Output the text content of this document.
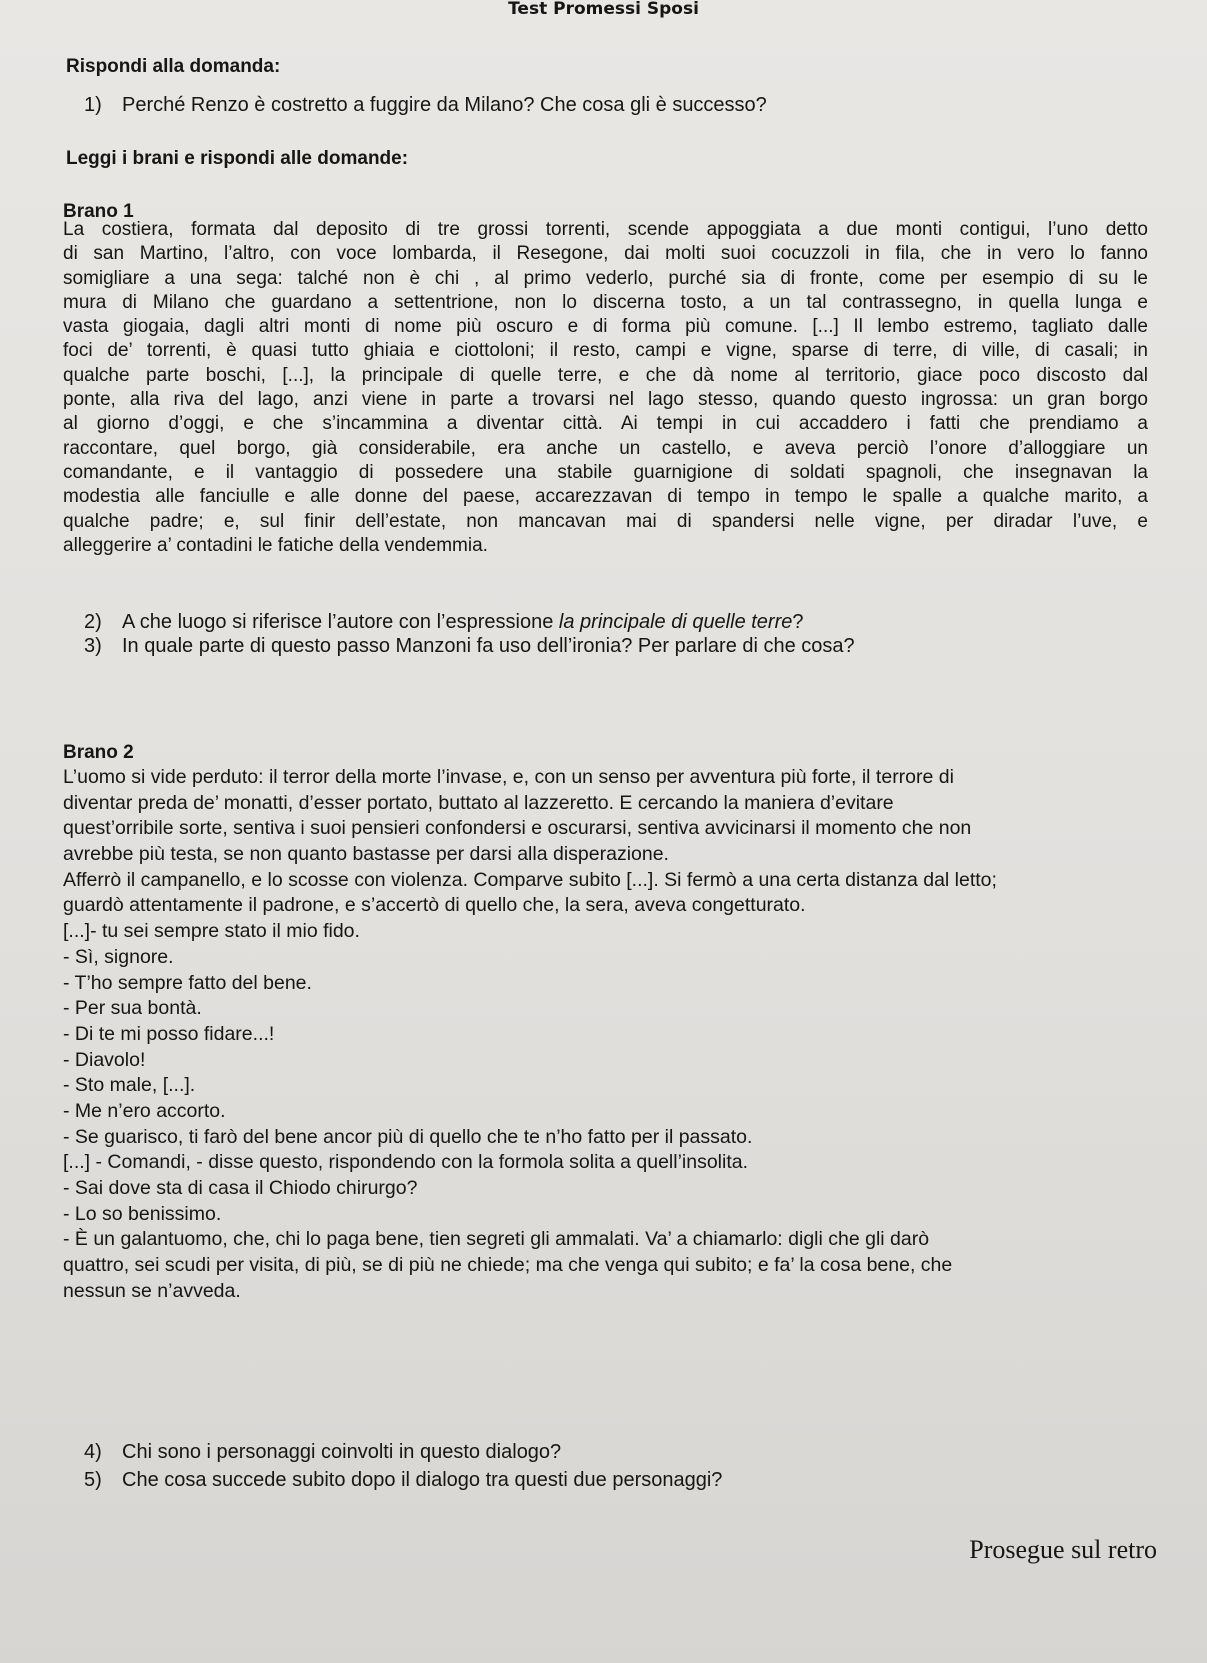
Test Promessi Sposi
Rispondi alla domanda:
1) Perché Renzo è costretto a fuggire da Milano? Che cosa gli è successo?
Leggi i brani e rispondi alle domande:
Brano 1
La costiera, formata dal deposito di tre grossi torrenti, scende appoggiata a due monti contigui, l’uno detto
di san Martino, l’altro, con voce lombarda, il Resegone, dai molti suoi cocuzzoli in fila, che in vero lo fanno
somigliare a una sega: talché non è chi , al primo vederlo, purché sia di fronte, come per esempio di su le
mura di Milano che guardano a settentrione, non lo discerna tosto, a un tal contrassegno, in quella lunga e
vasta giogaia, dagli altri monti di nome più oscuro e di forma più comune. [...] Il lembo estremo, tagliato dalle
foci de’ torrenti, è quasi tutto ghiaia e ciottoloni; il resto, campi e vigne, sparse di terre, di ville, di casali; in
qualche parte boschi, [...], la principale di quelle terre, e che dà nome al territorio, giace poco discosto dal
ponte, alla riva del lago, anzi viene in parte a trovarsi nel lago stesso, quando questo ingrossa: un gran borgo
al giorno d’oggi, e che s’incammina a diventar città. Ai tempi in cui accaddero i fatti che prendiamo a
raccontare, quel borgo, già considerabile, era anche un castello, e aveva perciò l’onore d’alloggiare un
comandante, e il vantaggio di possedere una stabile guarnigione di soldati spagnoli, che insegnavan la
modestia alle fanciulle e alle donne del paese, accarezzavan di tempo in tempo le spalle a qualche marito, a
qualche padre; e, sul finir dell’estate, non mancavan mai di spandersi nelle vigne, per diradar l’uve, e
alleggerire a’ contadini le fatiche della vendemmia.
2) A che luogo si riferisce l’autore con l’espressione la principale di quelle terre?
3) In quale parte di questo passo Manzoni fa uso dell’ironia? Per parlare di che cosa?
Brano 2
L’uomo si vide perduto: il terror della morte l’invase, e, con un senso per avventura più forte, il terrore di
diventar preda de’ monatti, d’esser portato, buttato al lazzeretto. E cercando la maniera d’evitare
quest’orribile sorte, sentiva i suoi pensieri confondersi e oscurarsi, sentiva avvicinarsi il momento che non
avrebbe più testa, se non quanto bastasse per darsi alla disperazione.
Afferrò il campanello, e lo scosse con violenza. Comparve subito [...]. Si fermò a una certa distanza dal letto;
guardò attentamente il padrone, e s’accertò di quello che, la sera, aveva congetturato.
[...]- tu sei sempre stato il mio fido.
- Sì, signore.
- T’ho sempre fatto del bene.
- Per sua bontà.
- Di te mi posso fidare...!
- Diavolo!
- Sto male, [...].
- Me n’ero accorto.
- Se guarisco, ti farò del bene ancor più di quello che te n’ho fatto per il passato.
[...] - Comandi, - disse questo, rispondendo con la formola solita a quell’insolita.
- Sai dove sta di casa il Chiodo chirurgo?
- Lo so benissimo.
- È un galantuomo, che, chi lo paga bene, tien segreti gli ammalati. Va’ a chiamarlo: digli che gli darò
quattro, sei scudi per visita, di più, se di più ne chiede; ma che venga qui subito; e fa’ la cosa bene, che
nessun se n’avveda.
4) Chi sono i personaggi coinvolti in questo dialogo?
5) Che cosa succede subito dopo il dialogo tra questi due personaggi?
Prosegue sul retro
